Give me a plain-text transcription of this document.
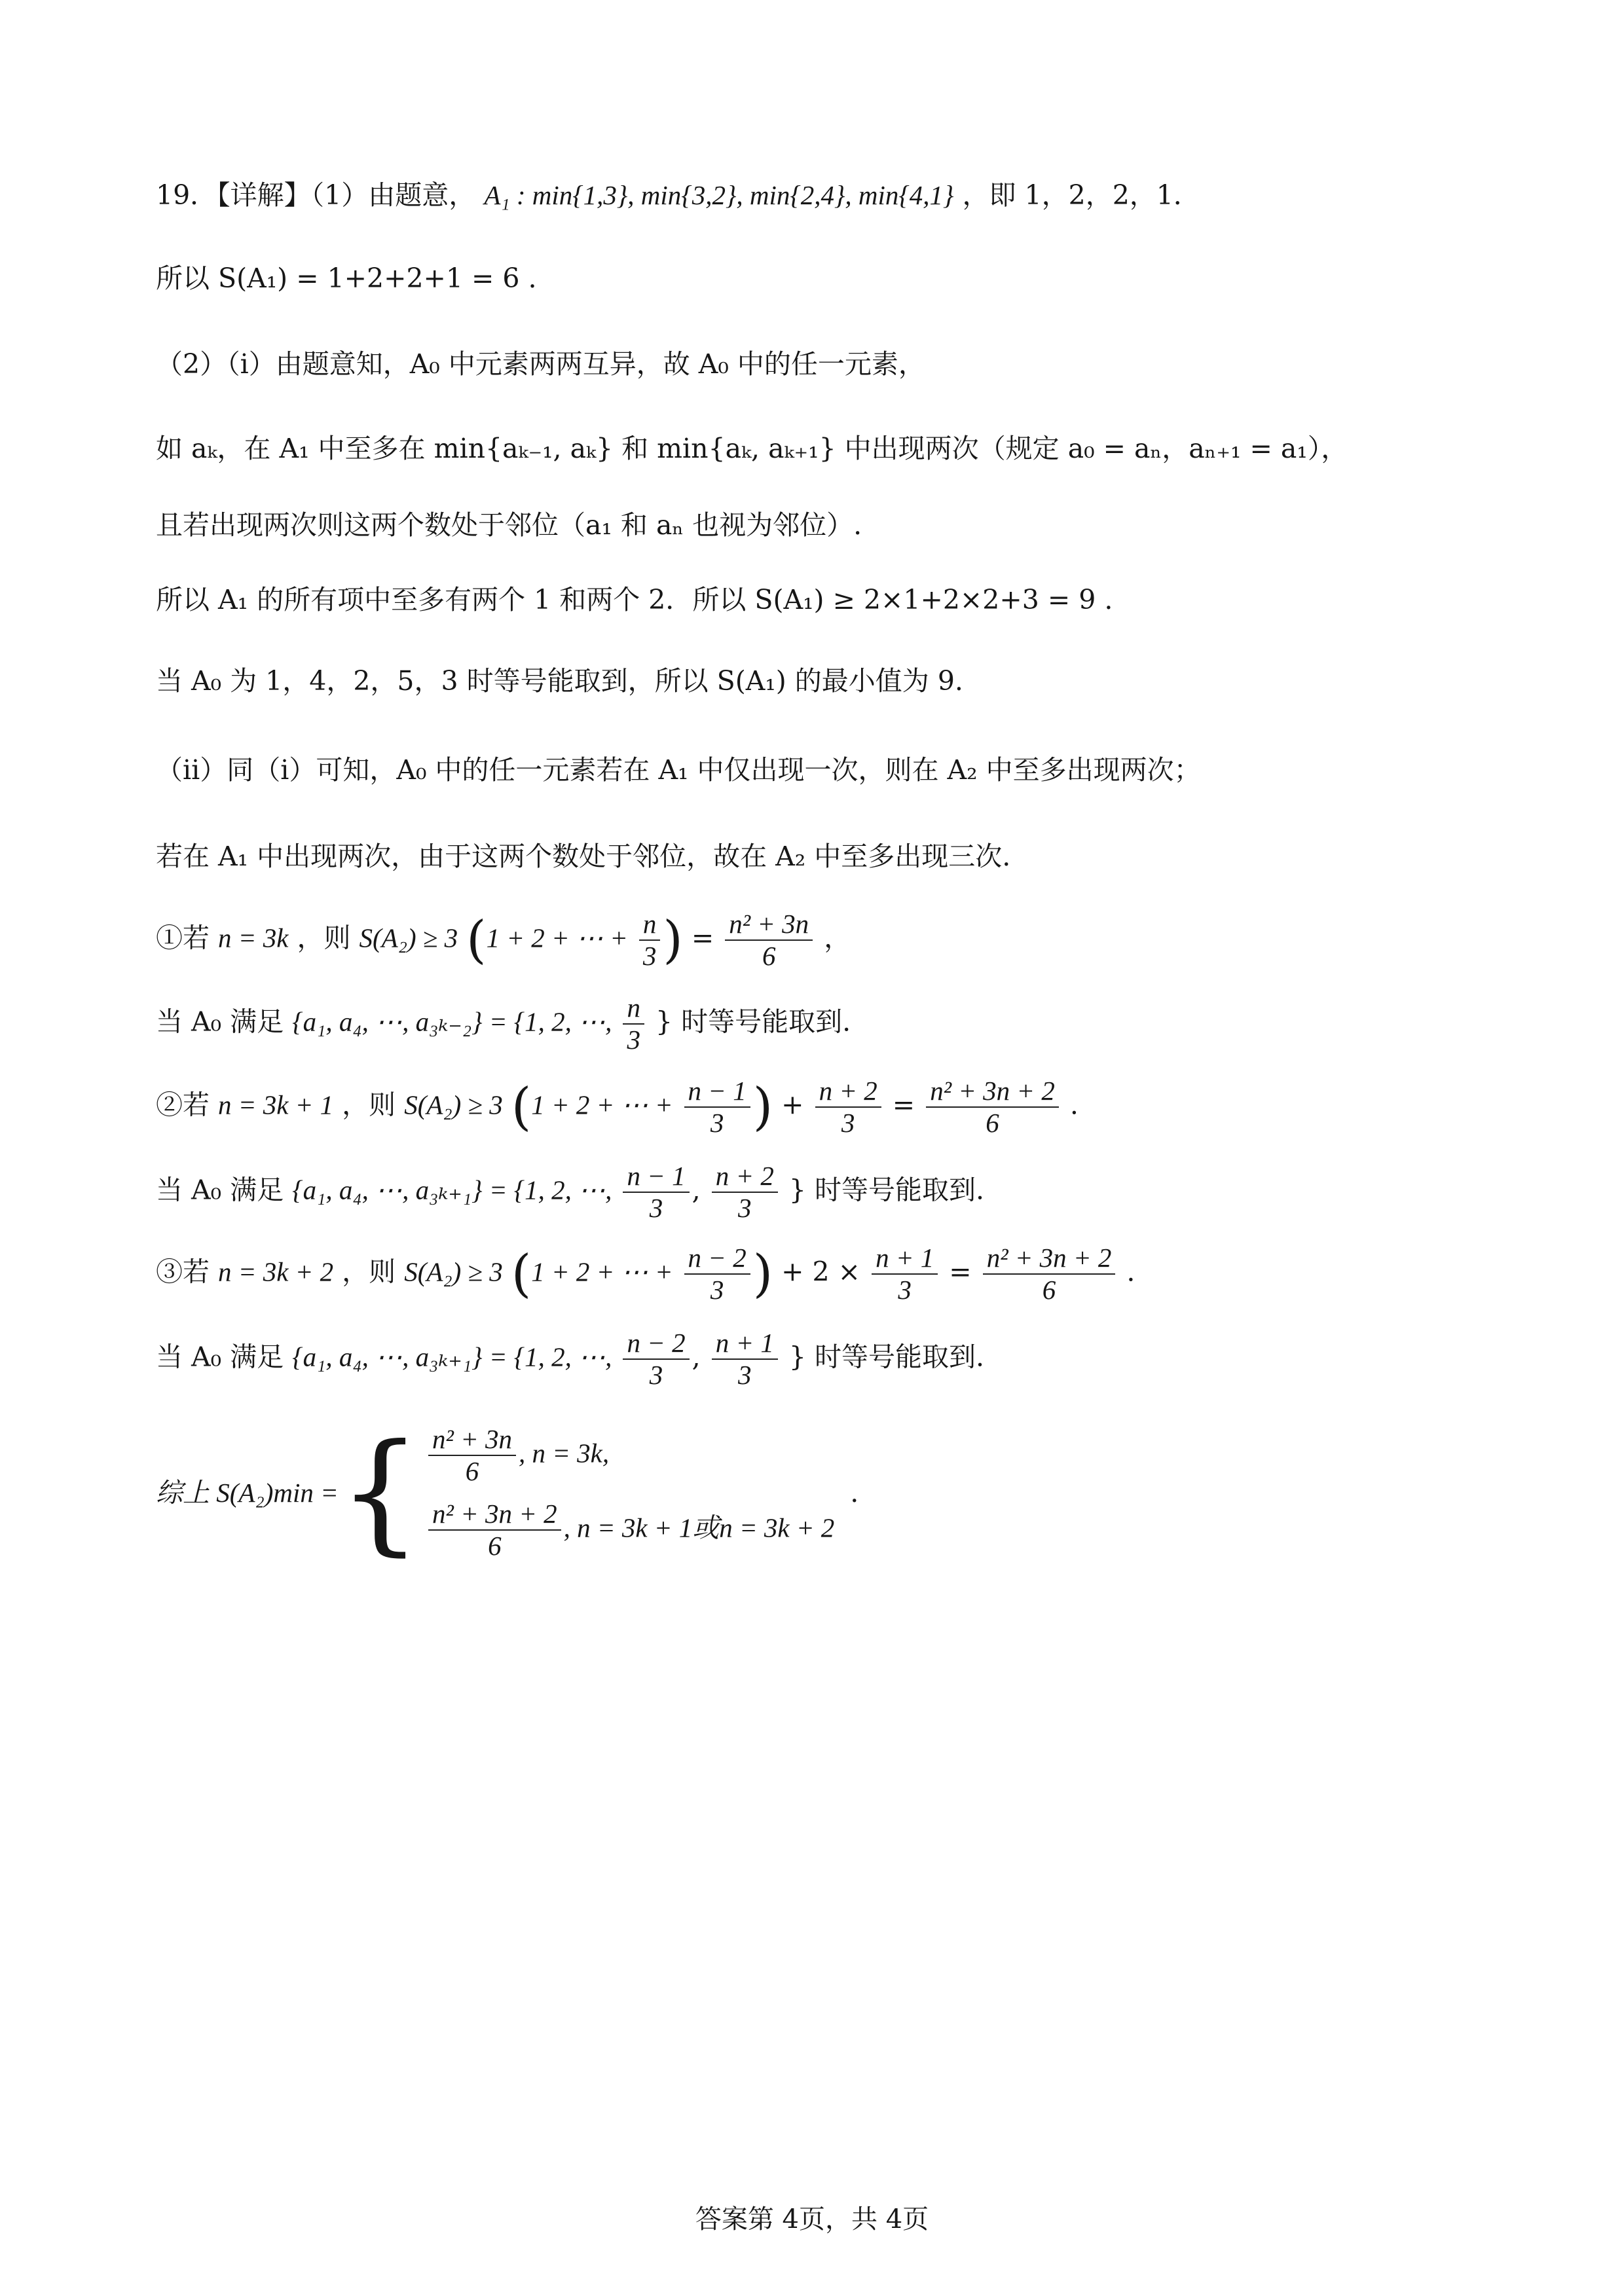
19．【详解】（1）由题意， A₁ : min{1,3}, min{3,2}, min{2,4}, min{4,1} ，即 1，2，2，1．
所以 S(A₁) = 1+2+2+1 = 6 .
（2）（i）由题意知，A₀ 中元素两两互异，故 A₀ 中的任一元素，
如 aₖ，在 A₁ 中至多在 min{aₖ₋₁, aₖ} 和 min{aₖ, aₖ₊₁} 中出现两次（规定 a₀ = aₙ，aₙ₊₁ = a₁），
且若出现两次则这两个数处于邻位（a₁ 和 aₙ 也视为邻位）.
所以 A₁ 的所有项中至多有两个 1 和两个 2．所以 S(A₁) ≥ 2×1+2×2+3 = 9 .
当 A₀ 为 1，4，2，5，3 时等号能取到，所以 S(A₁) 的最小值为 9.
（ii）同（i）可知，A₀ 中的任一元素若在 A₁ 中仅出现一次，则在 A₂ 中至多出现两次；
若在 A₁ 中出现两次，由于这两个数处于邻位，故在 A₂ 中至多出现三次.
①若 n = 3k ，则 S(A₂) ≥ 3 (1 + 2 + ⋯ + $\frac{n}{3}$ ) = $\frac{\text{n² + 3n}}{6}$ ，
当 A₀ 满足 {a₁, a₄, ⋯, a₃ₖ₋₂} = {1, 2, ⋯, $\frac{n}{3}$ } 时等号能取到.
②若 n = 3k + 1 ，则 S(A₂) ≥ 3 (1 + 2 + ⋯ + $\frac{n - 1}{3}$ ) + $\frac{n + 2}{3} = \frac{\text{n² + 3n + 2}}{6}$ .
当 A₀ 满足 {a₁, a₄, ⋯, a₃ₖ₊₁} = {1, 2, ⋯, $\frac{n - 1}{3}$ , $\frac{n + 2}{3}$ } 时等号能取到.
③若 n = 3k + 2 ，则 S(A₂) ≥ 3 (1 + 2 + ⋯ + $\frac{n - 2}{3}$ ) + $2 \times \frac{n + 1}{3} = \frac{\text{n² + 3n + 2}}{6}$ .
当 A₀ 满足 {a₁, a₄, ⋯, a₃ₖ₊₁} = {1, 2, ⋯, $\frac{n - 2}{3}$ , $\frac{n + 1}{3}$ } 时等号能取到.
综上 S(A₂)min = { $\frac{\text{n² + 3n}}{6}$ , n = 3k,
$\frac{\text{n² + 3n + 2}}{6}$ , n = 3k + 1或n = 3k + 2
.
答案第 4页，共 4页
